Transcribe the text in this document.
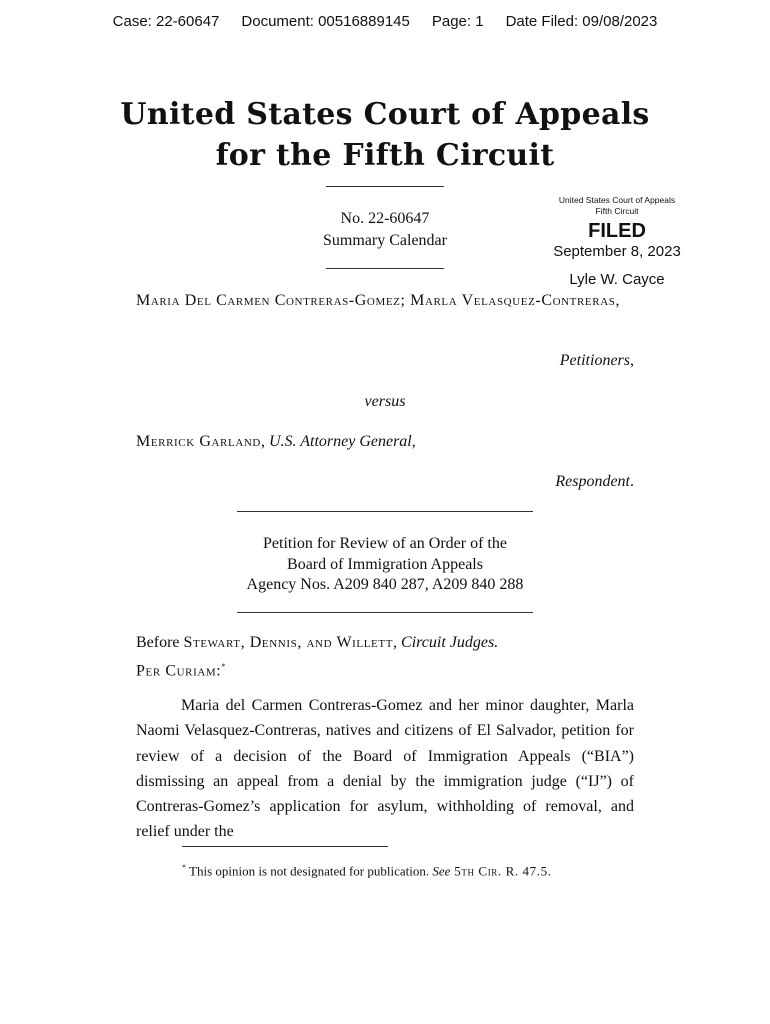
Case: 22-60647 Document: 00516889145 Page: 1 Date Filed: 09/08/2023
United States Court of Appeals
for the Fifth Circuit
No. 22-60647
Summary Calendar
United States Court of Appeals
Fifth Circuit
FILED
September 8, 2023
Lyle W. Cayce
Maria Del Carmen Contreras-Gomez; Marla Velasquez-Contreras,
Petitioners,
versus
Merrick Garland, U.S. Attorney General,
Respondent.
Petition for Review of an Order of the
Board of Immigration Appeals
Agency Nos. A209 840 287, A209 840 288
Before Stewart, Dennis, and Willett, Circuit Judges.
Per Curiam:*
Maria del Carmen Contreras-Gomez and her minor daughter, Marla Naomi Velasquez-Contreras, natives and citizens of El Salvador, petition for review of a decision of the Board of Immigration Appeals (“BIA”) dismissing an appeal from a denial by the immigration judge (“IJ”) of Contreras-Gomez’s application for asylum, withholding of removal, and relief under the
* This opinion is not designated for publication. See 5th Cir. R. 47.5.
